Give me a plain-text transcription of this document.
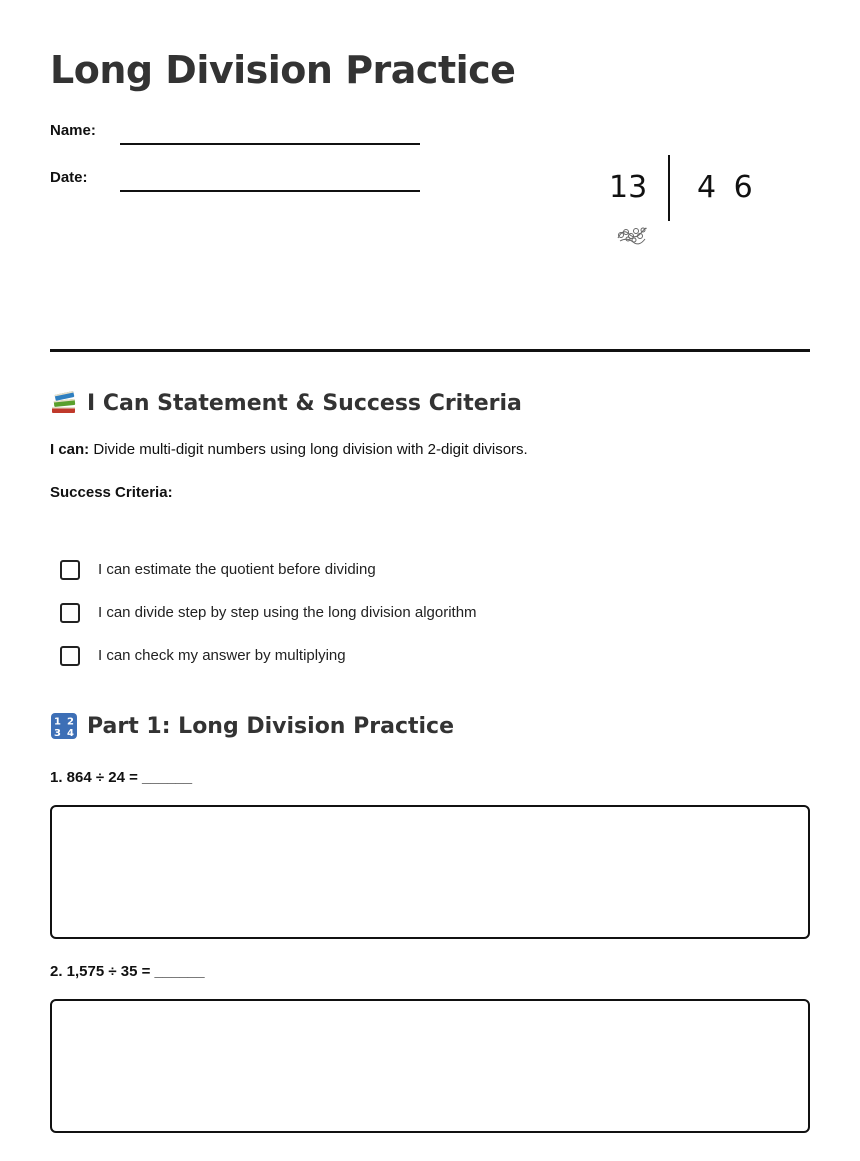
Long Division Practice
Name:
Date:	13 4 6
I Can Statement & Success Criteria

I can: Divide multi-digit numbers using long division with 2-digit divisors.

Success Criteria:

I can estimate the quotient before dividing
I can divide step by step using the long division algorithm
I can check my answer by multiplying
1 2
3 4 Part 1: Long Division Practice
1. 864 ÷ 24 = ______
2. 1,575 ÷ 35 = ______
